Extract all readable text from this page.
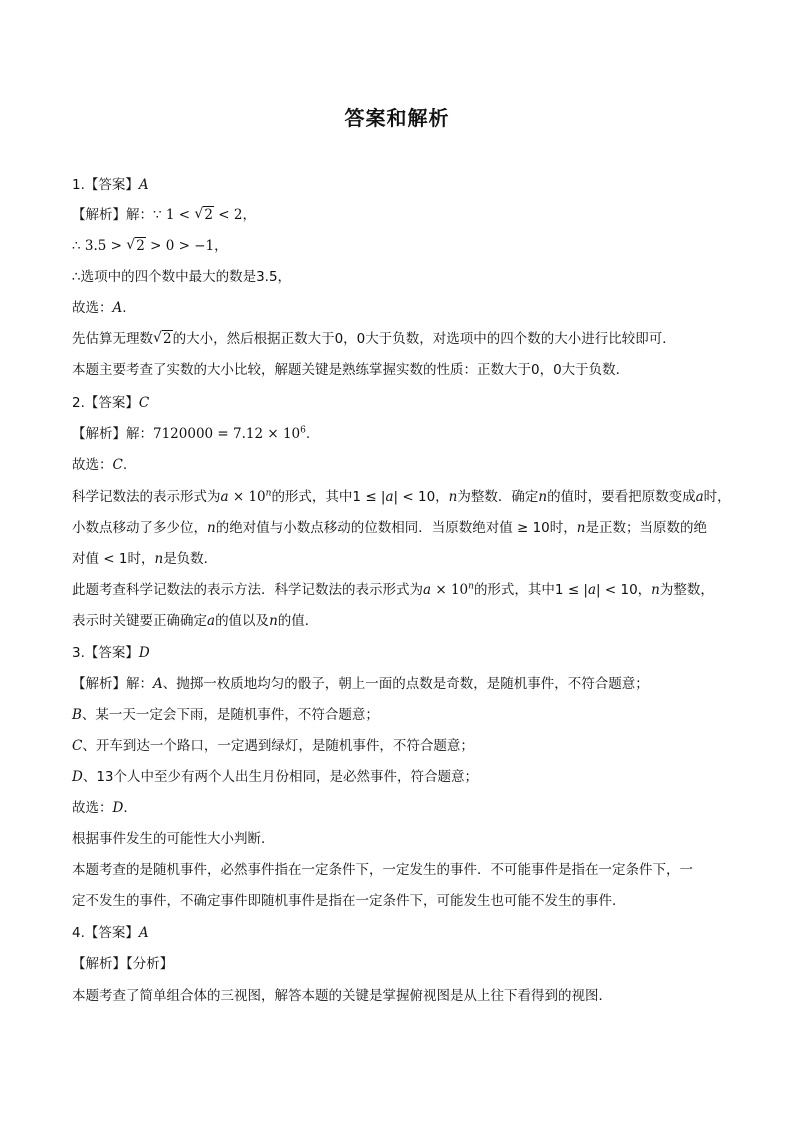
答案和解析
1.【答案】A
【解析】解：∵ 1 < √ 2 < 2，
∴ 3.5 > √ 2 > 0 > −1，
∴选项中的四个数中最大的数是3.5，
故选：A.
先估算无理数√ 2的大小，然后根据正数大于0，0大于负数，对选项中的四个数的大小进行比较即可．
本题主要考查了实数的大小比较，解题关键是熟练掌握实数的性质：正数大于0，0大于负数．
2.【答案】C
【解析】解：$7120000 = 7.12 \times 10^6$.
故选：C.
科学记数法的表示形式为$a \times 10^n$的形式，其中1 ≤ |a| < 10，n为整数．确定n的值时，要看把原数变成a时，
小数点移动了多少位，n的绝对值与小数点移动的位数相同．当原数绝对值 ≥ 10时，n是正数；当原数的绝
对值 < 1时，n是负数．
此题考查科学记数法的表示方法．科学记数法的表示形式为$a \times 10^n$的形式，其中1 ≤ |a| < 10，n为整数，
表示时关键要正确确定a的值以及n的值．
3.【答案】D
【解析】解：A、抛掷一枚质地均匀的骰子，朝上一面的点数是奇数，是随机事件，不符合题意；
B、某一天一定会下雨，是随机事件，不符合题意；
C、开车到达一个路口，一定遇到绿灯，是随机事件，不符合题意；
D、13个人中至少有两个人出生月份相同，是必然事件，符合题意；
故选：D.
根据事件发生的可能性大小判断．
本题考查的是随机事件，必然事件指在一定条件下，一定发生的事件．不可能事件是指在一定条件下，一
定不发生的事件，不确定事件即随机事件是指在一定条件下，可能发生也可能不发生的事件．
4.【答案】A
【解析】【分析】
本题考查了简单组合体的三视图，解答本题的关键是掌握俯视图是从上往下看得到的视图．
